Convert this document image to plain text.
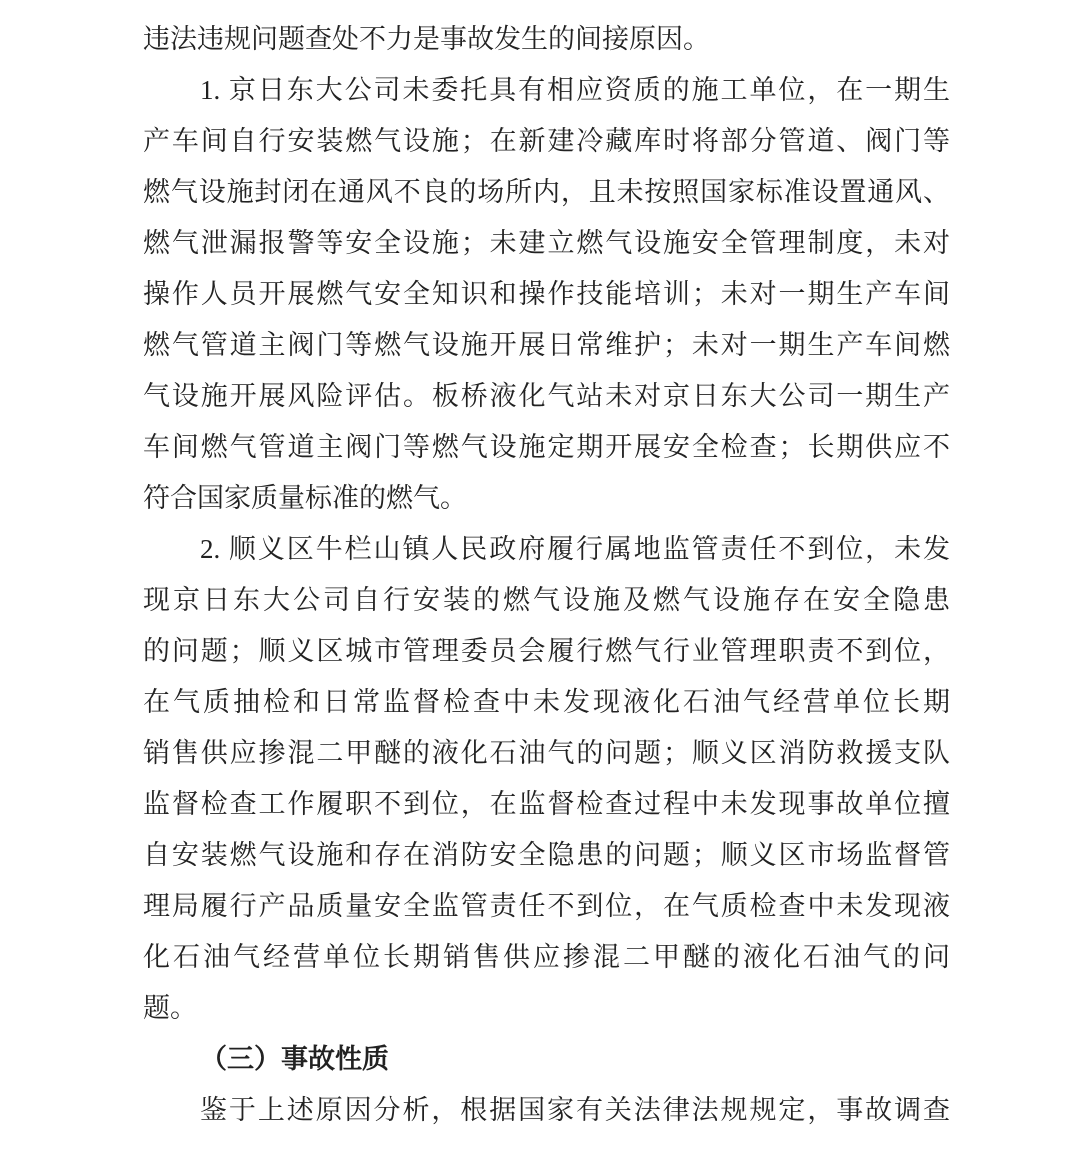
违法违规问题查处不力是事故发生的间接原因。
1. 京日东大公司未委托具有相应资质的施工单位，在一期生
产车间自行安装燃气设施；在新建冷藏库时将部分管道、阀门等
燃气设施封闭在通风不良的场所内，且未按照国家标准设置通风、
燃气泄漏报警等安全设施；未建立燃气设施安全管理制度，未对
操作人员开展燃气安全知识和操作技能培训；未对一期生产车间
燃气管道主阀门等燃气设施开展日常维护；未对一期生产车间燃
气设施开展风险评估。板桥液化气站未对京日东大公司一期生产
车间燃气管道主阀门等燃气设施定期开展安全检查；长期供应不
符合国家质量标准的燃气。
2. 顺义区牛栏山镇人民政府履行属地监管责任不到位，未发
现京日东大公司自行安装的燃气设施及燃气设施存在安全隐患
的问题；顺义区城市管理委员会履行燃气行业管理职责不到位，
在气质抽检和日常监督检查中未发现液化石油气经营单位长期
销售供应掺混二甲醚的液化石油气的问题；顺义区消防救援支队
监督检查工作履职不到位，在监督检查过程中未发现事故单位擅
自安装燃气设施和存在消防安全隐患的问题；顺义区市场监督管
理局履行产品质量安全监管责任不到位，在气质检查中未发现液
化石油气经营单位长期销售供应掺混二甲醚的液化石油气的问
题。
（三）事故性质
鉴于上述原因分析，根据国家有关法律法规规定，事故调查
